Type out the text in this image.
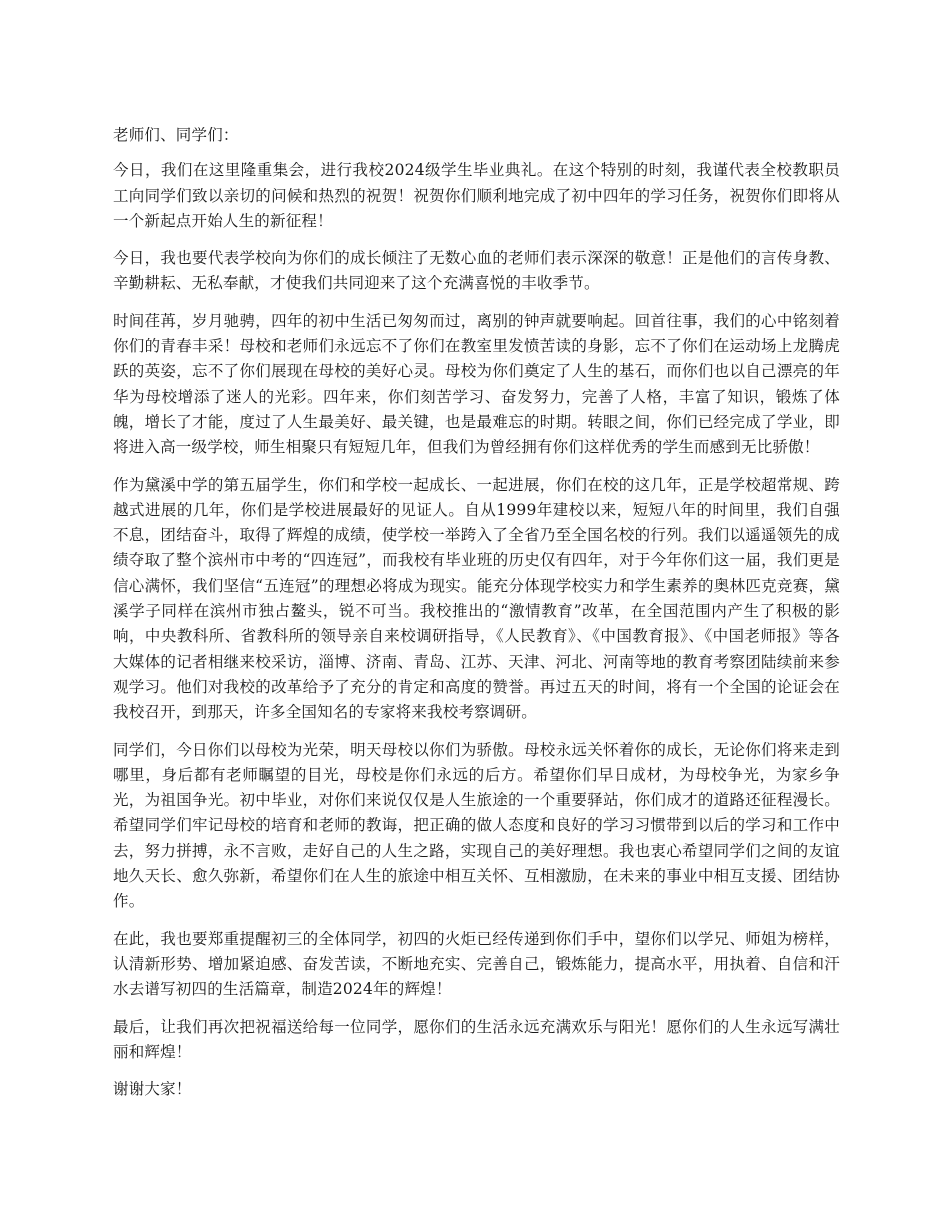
老师们、同学们：

今日，我们在这里隆重集会，进行我校2024级学生毕业典礼。在这个特别的时刻，我谨代表全校教职员工向同学们致以亲切的问候和热烈的祝贺！祝贺你们顺利地完成了初中四年的学习任务，祝贺你们即将从一个新起点开始人生的新征程！

今日，我也要代表学校向为你们的成长倾注了无数心血的老师们表示深深的敬意！正是他们的言传身教、辛勤耕耘、无私奉献，才使我们共同迎来了这个充满喜悦的丰收季节。

时间荏苒，岁月驰骋，四年的初中生活已匆匆而过，离别的钟声就要响起。回首往事，我们的心中铭刻着你们的青春丰采！母校和老师们永远忘不了你们在教室里发愤苦读的身影，忘不了你们在运动场上龙腾虎跃的英姿，忘不了你们展现在母校的美好心灵。母校为你们奠定了人生的基石，而你们也以自己漂亮的年华为母校增添了迷人的光彩。四年来，你们刻苦学习、奋发努力，完善了人格，丰富了知识，锻炼了体魄，增长了才能，度过了人生最美好、最关键，也是最难忘的时期。转眼之间，你们已经完成了学业，即将进入高一级学校，师生相聚只有短短几年，但我们为曾经拥有你们这样优秀的学生而感到无比骄傲！

作为黛溪中学的第五届学生，你们和学校一起成长、一起进展，你们在校的这几年，正是学校超常规、跨越式进展的几年，你们是学校进展最好的见证人。自从1999年建校以来，短短八年的时间里，我们自强不息，团结奋斗，取得了辉煌的成绩，使学校一举跨入了全省乃至全国名校的行列。我们以遥遥领先的成绩夺取了整个滨州市中考的“四连冠”，而我校有毕业班的历史仅有四年，对于今年你们这一届，我们更是信心满怀，我们坚信“五连冠”的理想必将成为现实。能充分体现学校实力和学生素养的奥林匹克竞赛，黛溪学子同样在滨州市独占鳌头，锐不可当。我校推出的“激情教育”改革，在全国范围内产生了积极的影响，中央教科所、省教科所的领导亲自来校调研指导，《人民教育》、《中国教育报》、《中国老师报》等各大媒体的记者相继来校采访，淄博、济南、青岛、江苏、天津、河北、河南等地的教育考察团陆续前来参观学习。他们对我校的改革给予了充分的肯定和高度的赞誉。再过五天的时间，将有一个全国的论证会在我校召开，到那天，许多全国知名的专家将来我校考察调研。

同学们，今日你们以母校为光荣，明天母校以你们为骄傲。母校永远关怀着你的成长，无论你们将来走到哪里，身后都有老师瞩望的目光，母校是你们永远的后方。希望你们早日成材，为母校争光，为家乡争光，为祖国争光。初中毕业，对你们来说仅仅是人生旅途的一个重要驿站，你们成才的道路还征程漫长。希望同学们牢记母校的培育和老师的教诲，把正确的做人态度和良好的学习习惯带到以后的学习和工作中去，努力拼搏，永不言败，走好自己的人生之路，实现自己的美好理想。我也衷心希望同学们之间的友谊地久天长、愈久弥新，希望你们在人生的旅途中相互关怀、互相激励，在未来的事业中相互支援、团结协作。

在此，我也要郑重提醒初三的全体同学，初四的火炬已经传递到你们手中，望你们以学兄、师姐为榜样，认清新形势、增加紧迫感、奋发苦读，不断地充实、完善自己，锻炼能力，提高水平，用执着、自信和汗水去谱写初四的生活篇章，制造2024年的辉煌！

最后，让我们再次把祝福送给每一位同学，愿你们的生活永远充满欢乐与阳光！愿你们的人生永远写满壮丽和辉煌！

谢谢大家！
